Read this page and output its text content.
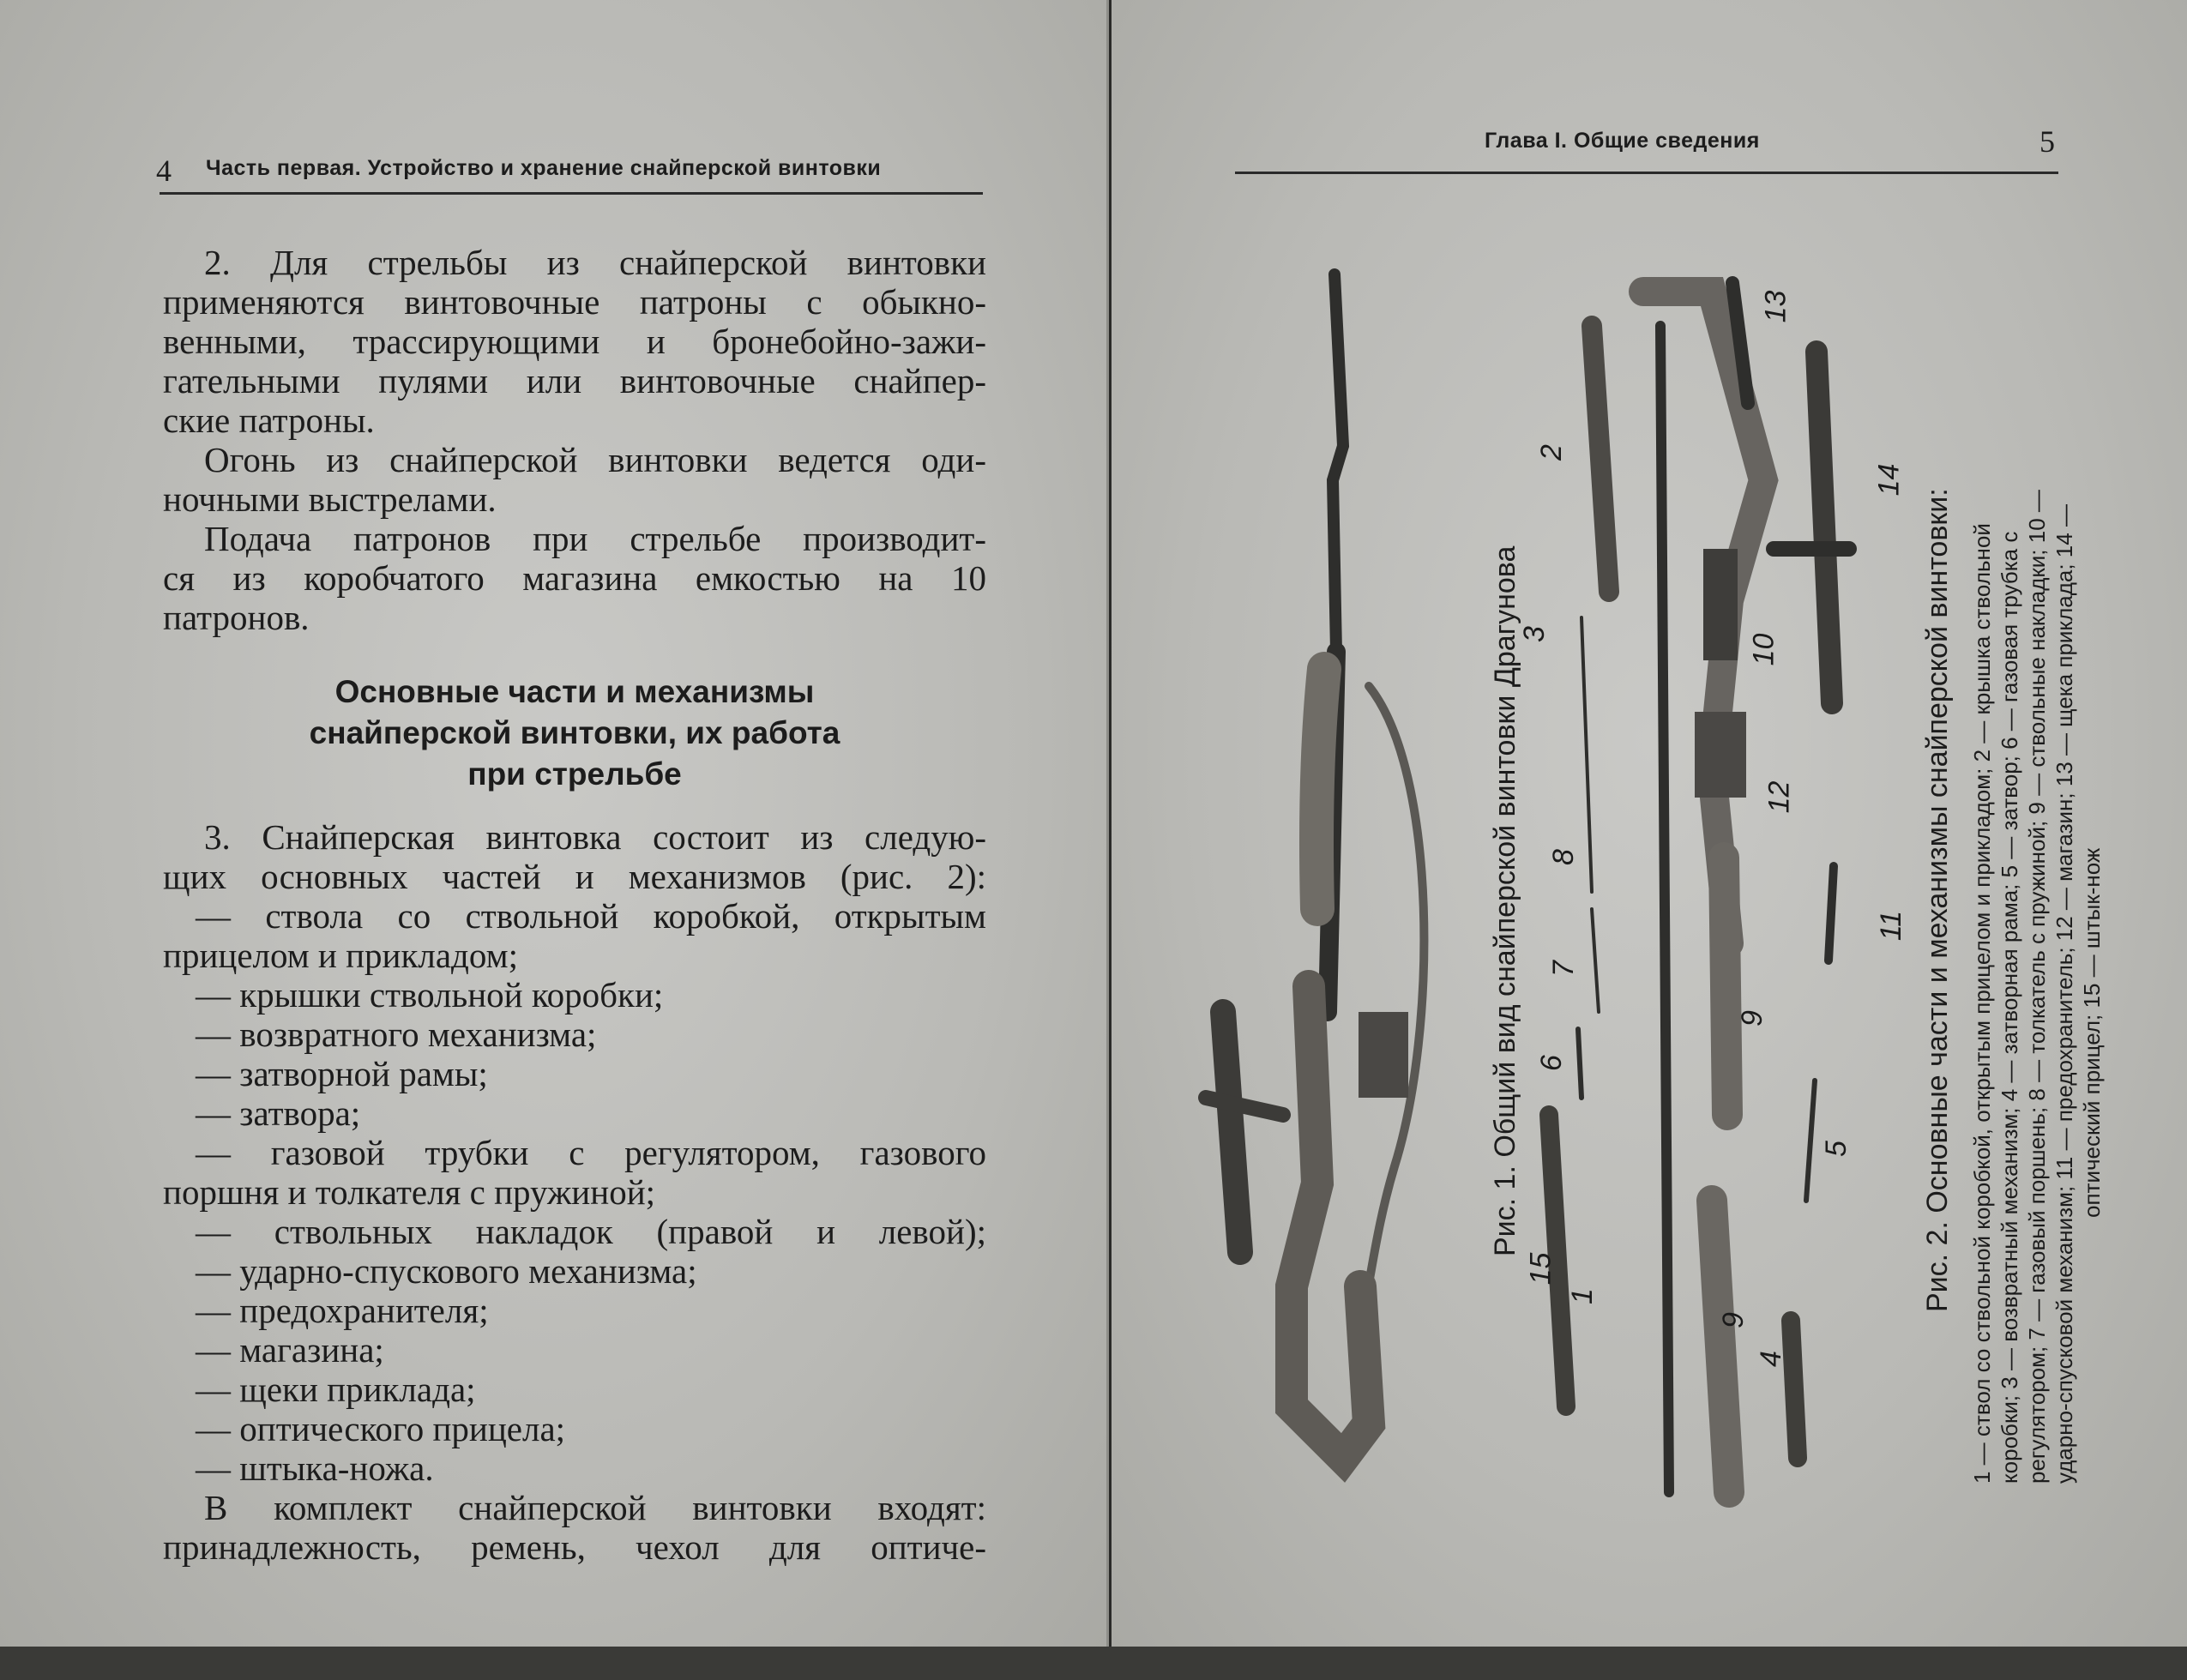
4 Часть первая. Устройство и хранение снайперской винтовки
2. Для стрельбы из снайперской винтовки
применяются винтовочные патроны с обыкно-
венными, трассирующими и бронебойно-зажи-
гательными пулями или винтовочные снайпер-
ские патроны.
Огонь из снайперской винтовки ведется оди-
ночными выстрелами.
Подача патронов при стрельбе производит-
ся из коробчатого магазина емкостью на 10
патронов.
Основные части и механизмы
снайперской винтовки, их работа
при стрельбе
3. Снайперская винтовка состоит из следую-
щих основных частей и механизмов (рис. 2):
— ствола со ствольной коробкой, открытым
прицелом и прикладом;
— крышки ствольной коробки;
— возвратного механизма;
— затворной рамы;
— затвора;
— газовой трубки с регулятором, газового
поршня и толкателя с пружиной;
— ствольных накладок (правой и левой);
— ударно-спускового механизма;
— предохранителя;
— магазина;
— щеки приклада;
— оптического прицела;
— штыка-ножа.
В комплект снайперской винтовки входят:
принадлежность, ремень, чехол для оптиче-
Глава I. Общие сведения	5
1
2
3
4
5
6
7
8
9
9
10
11
12
13
14
15
Рис. 1. Общий вид снайперской винтовки Драгунова	Рис. 2. Основные части и механизмы снайперской винтовки: 1 — ствол со ствольной коробкой, открытым прицелом и прикладом; 2 — крышка ствольной коробки; 3 — возвратный механизм; 4 — затворная рама; 5 — затвор; 6 — газовая трубка с регулятором; 7 — газовый поршень; 8 — толкатель с пружиной; 9 — ствольные накладки; 10 — ударно-спусковой механизм; 11 — предохранитель; 12 — магазин; 13 — щека приклада; 14 — оптический прицел; 15 — штык-нож
